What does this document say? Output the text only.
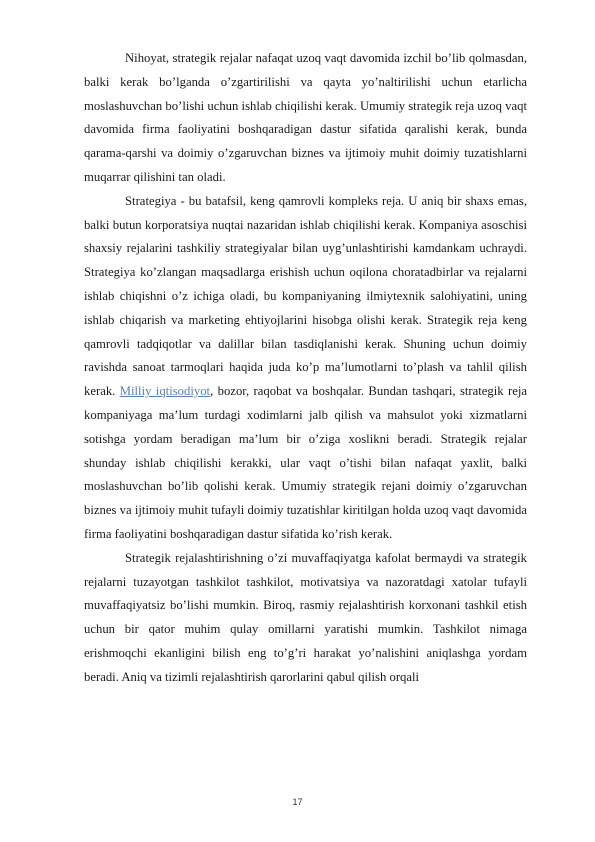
Nihoyat, strategik rejalar nafaqat uzoq vaqt davomida izchil bo’lib qolmasdan, balki kerak bo’lganda o’zgartirilishi va qayta yo’naltirilishi uchun etarlicha moslashuvchan bo’lishi uchun ishlab chiqilishi kerak. Umumiy strategik reja uzoq vaqt davomida firma faoliyatini boshqaradigan dastur sifatida qaralishi kerak, bunda qarama-qarshi va doimiy o’zgaruvchan biznes va ijtimoiy muhit doimiy tuzatishlarni muqarrar qilishini tan oladi.

Strategiya - bu batafsil, keng qamrovli kompleks reja. U aniq bir shaxs emas, balki butun korporatsiya nuqtai nazaridan ishlab chiqilishi kerak. Kompaniya asoschisi shaxsiy rejalarini tashkiliy strategiyalar bilan uyg’unlashtirishi kamdankam uchraydi. Strategiya ko’zlangan maqsadlarga erishish uchun oqilona choratadbirlar va rejalarni ishlab chiqishni o’z ichiga oladi, bu kompaniyaning ilmiytexnik salohiyatini, uning ishlab chiqarish va marketing ehtiyojlarini hisobga olishi kerak. Strategik reja keng qamrovli tadqiqotlar va dalillar bilan tasdiqlanishi kerak. Shuning uchun doimiy ravishda sanoat tarmoqlari haqida juda ko’p ma’lumotlarni to’plash va tahlil qilish kerak. Milliy iqtisodiyot, bozor, raqobat va boshqalar. Bundan tashqari, strategik reja kompaniyaga ma’lum turdagi xodimlarni jalb qilish va mahsulot yoki xizmatlarni sotishga yordam beradigan ma’lum bir o’ziga xoslikni beradi. Strategik rejalar shunday ishlab chiqilishi kerakki, ular vaqt o’tishi bilan nafaqat yaxlit, balki moslashuvchan bo’lib qolishi kerak. Umumiy strategik rejani doimiy o’zgaruvchan biznes va ijtimoiy muhit tufayli doimiy tuzatishlar kiritilgan holda uzoq vaqt davomida firma faoliyatini boshqaradigan dastur sifatida ko’rish kerak.

Strategik rejalashtirishning o’zi muvaffaqiyatga kafolat bermaydi va strategik rejalarni tuzayotgan tashkilot tashkilot, motivatsiya va nazoratdagi xatolar tufayli muvaffaqiyatsiz bo’lishi mumkin. Biroq, rasmiy rejalashtirish korxonani tashkil etish uchun bir qator muhim qulay omillarni yaratishi mumkin. Tashkilot nimaga erishmoqchi ekanligini bilish eng to’g’ri harakat yo’nalishini aniqlashga yordam beradi. Aniq va tizimli rejalashtirish qarorlarini qabul qilish orqali

17
